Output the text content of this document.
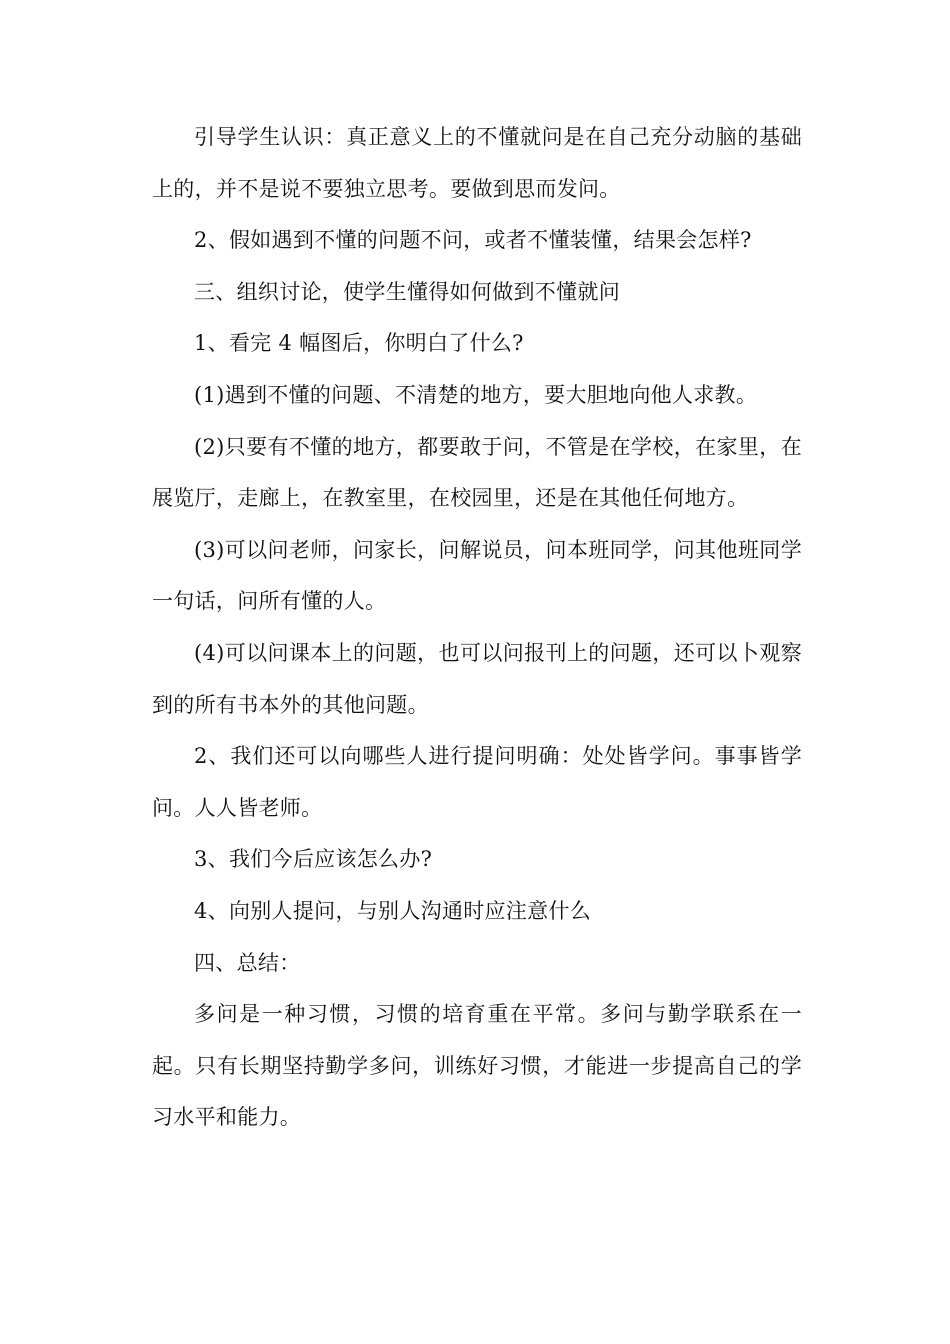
引导学生认识：真正意义上的不懂就问是在自己充分动脑的基础上的，并不是说不要独立思考。要做到思而发问。

2、假如遇到不懂的问题不问，或者不懂装懂，结果会怎样?

三、组织讨论，使学生懂得如何做到不懂就问

1、看完 4 幅图后，你明白了什么?

(1)遇到不懂的问题、不清楚的地方，要大胆地向他人求教。

(2)只要有不懂的地方，都要敢于问，不管是在学校，在家里，在展览厅，走廊上，在教室里，在校园里，还是在其他任何地方。

(3)可以问老师，问家长，问解说员，问本班同学，问其他班同学一句话，问所有懂的人。

(4)可以问课本上的问题，也可以问报刊上的问题，还可以卜观察到的所有书本外的其他问题。

2、我们还可以向哪些人进行提问明确：处处皆学问。事事皆学问。人人皆老师。

3、我们今后应该怎么办?

4、向别人提问，与别人沟通时应注意什么

四、总结：

多问是一种习惯，习惯的培育重在平常。多问与勤学联系在一起。只有长期坚持勤学多问，训练好习惯，才能进一步提高自己的学习水平和能力。
